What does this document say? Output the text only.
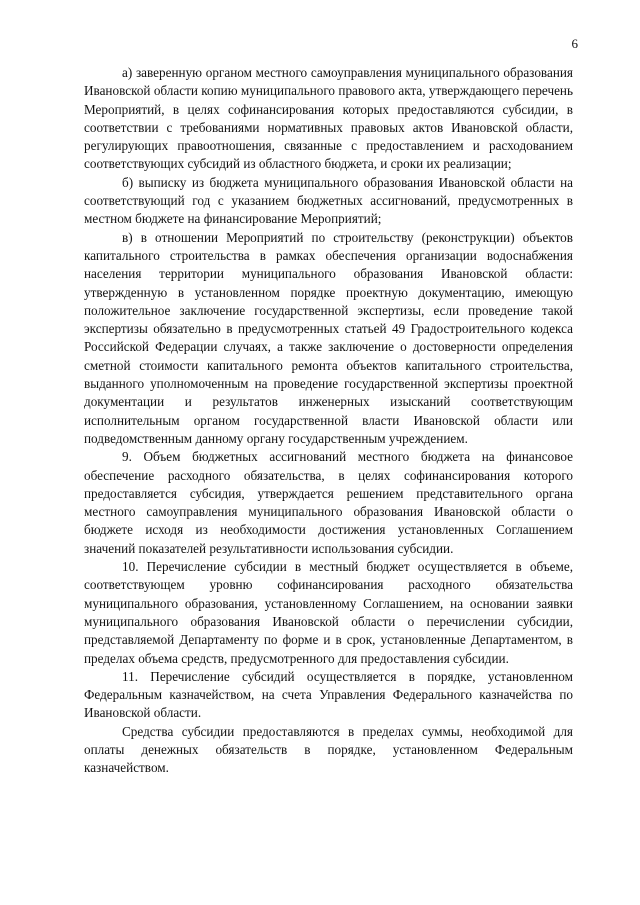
6

а) заверенную органом местного самоуправления муниципального образования Ивановской области копию муниципального правового акта, утверждающего перечень Мероприятий, в целях софинансирования которых предоставляются субсидии, в соответствии с требованиями нормативных правовых актов Ивановской области, регулирующих правоотношения, связанные с предоставлением и расходованием соответствующих субсидий из областного бюджета, и сроки их реализации;

б) выписку из бюджета муниципального образования Ивановской области на соответствующий год с указанием бюджетных ассигнований, предусмотренных в местном бюджете на финансирование Мероприятий;

в) в отношении Мероприятий по строительству (реконструкции) объектов капитального строительства в рамках обеспечения организации водоснабжения населения территории муниципального образования Ивановской области: утвержденную в установленном порядке проектную документацию, имеющую положительное заключение государственной экспертизы, если проведение такой экспертизы обязательно в предусмотренных статьей 49 Градостроительного кодекса Российской Федерации случаях, а также заключение о достоверности определения сметной стоимости капитального ремонта объектов капитального строительства, выданного уполномоченным на проведение государственной экспертизы проектной документации и результатов инженерных изысканий соответствующим исполнительным органом государственной власти Ивановской области или подведомственным данному органу государственным учреждением.

9. Объем бюджетных ассигнований местного бюджета на финансовое обеспечение расходного обязательства, в целях софинансирования которого предоставляется субсидия, утверждается решением представительного органа местного самоуправления муниципального образования Ивановской области о бюджете исходя из необходимости достижения установленных Соглашением значений показателей результативности использования субсидии.

10. Перечисление субсидии в местный бюджет осуществляется в объеме, соответствующем уровню софинансирования расходного обязательства муниципального образования, установленному Соглашением, на основании заявки муниципального образования Ивановской области о перечислении субсидии, представляемой Департаменту по форме и в срок, установленные Департаментом, в пределах объема средств, предусмотренного для предоставления субсидии.

11. Перечисление субсидий осуществляется в порядке, установленном Федеральным казначейством, на счета Управления Федерального казначейства по Ивановской области.

Средства субсидии предоставляются в пределах суммы, необходимой для оплаты денежных обязательств в порядке, установленном Федеральным казначейством.
